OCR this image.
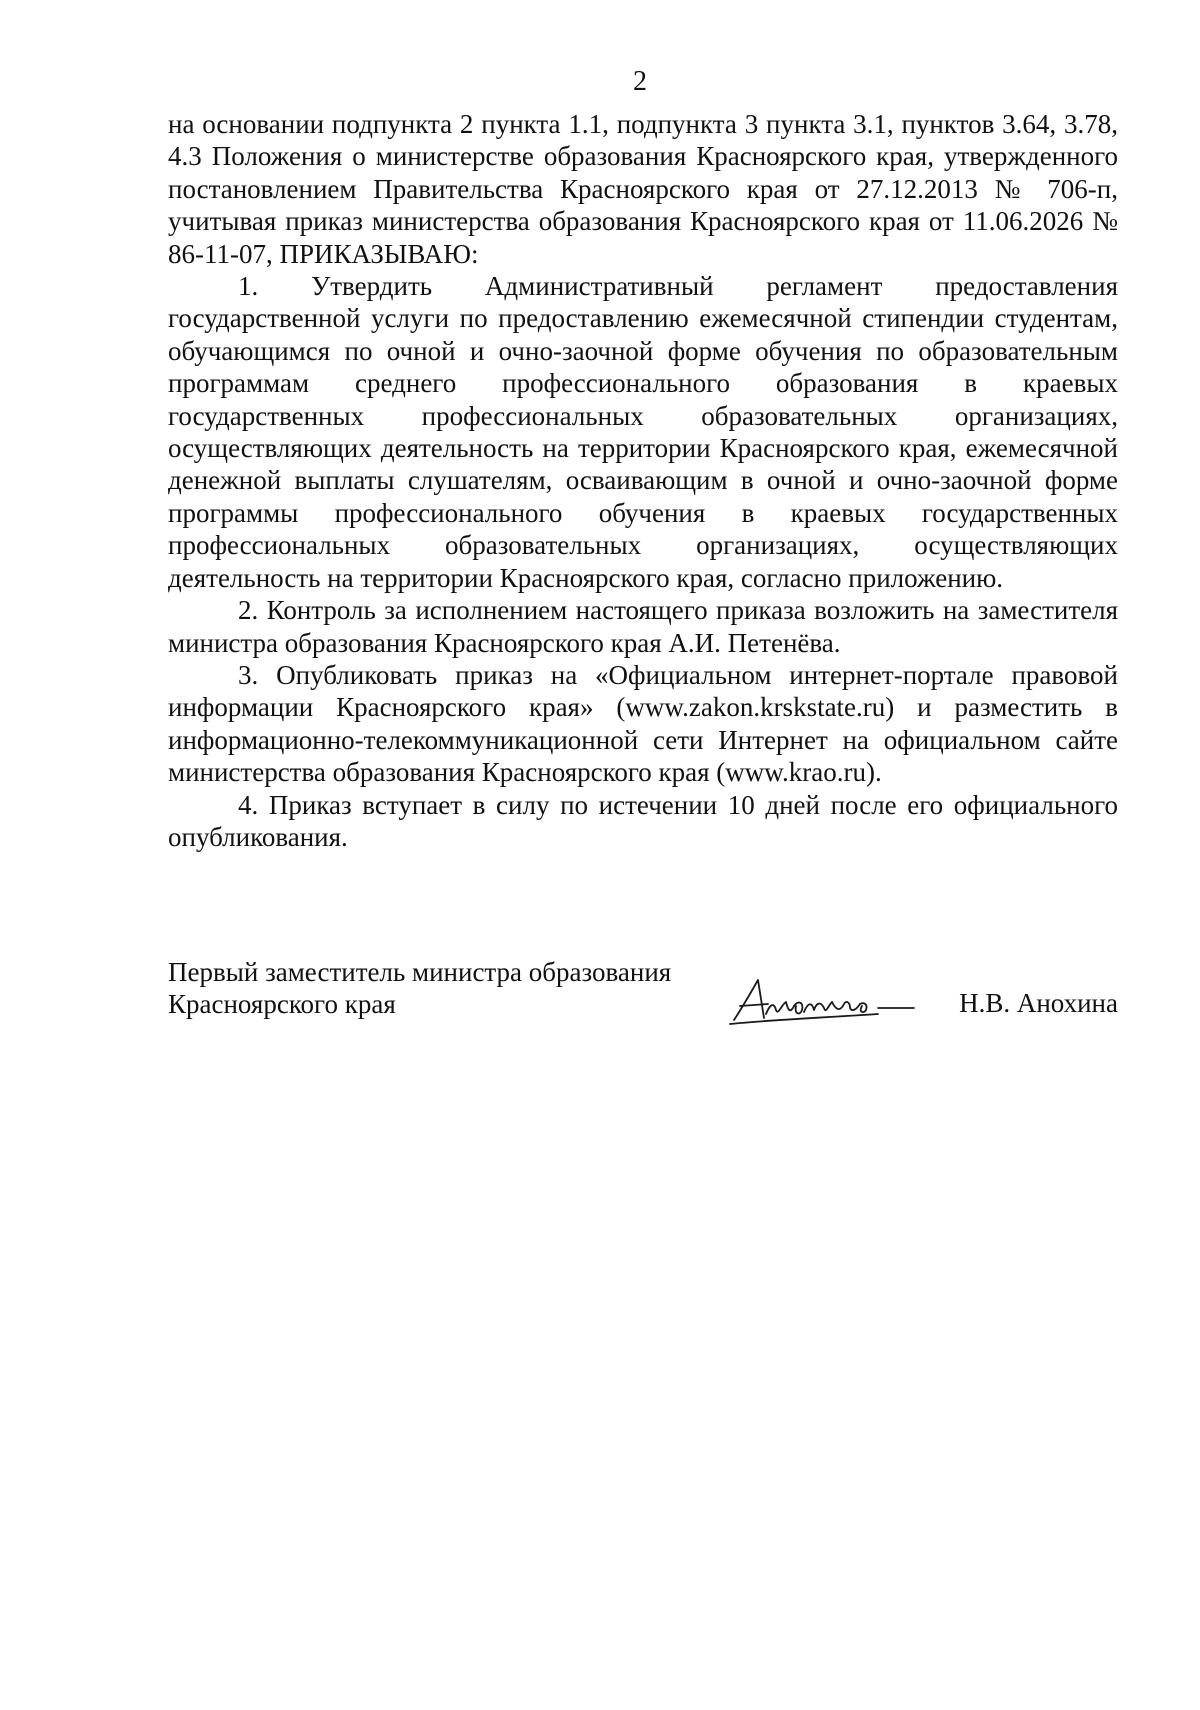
2

на основании подпункта 2 пункта 1.1, подпункта 3 пункта 3.1, пунктов 3.64, 3.78, 4.3 Положения о министерстве образования Красноярского края, утвержденного постановлением Правительства Красноярского края от 27.12.2013 № 706-п, учитывая приказ министерства образования Красноярского края от 11.06.2026 № 86-11-07, ПРИКАЗЫВАЮ:

1. Утвердить Административный регламент предоставления государственной услуги по предоставлению ежемесячной стипендии студентам, обучающимся по очной и очно-заочной форме обучения по образовательным программам среднего профессионального образования в краевых государственных профессиональных образовательных организациях, осуществляющих деятельность на территории Красноярского края, ежемесячной денежной выплаты слушателям, осваивающим в очной и очно-заочной форме программы профессионального обучения в краевых государственных профессиональных образовательных организациях, осуществляющих деятельность на территории Красноярского края, согласно приложению.

2. Контроль за исполнением настоящего приказа возложить на заместителя министра образования Красноярского края А.И. Петенёва.

3. Опубликовать приказ на «Официальном интернет-портале правовой информации Красноярского края» (www.zakon.krskstate.ru) и разместить в информационно-телекоммуникационной сети Интернет на официальном сайте министерства образования Красноярского края (www.krao.ru).

4. Приказ вступает в силу по истечении 10 дней после его официального опубликования.

Первый заместитель министра образования
Красноярского края	Н.В. Анохина
